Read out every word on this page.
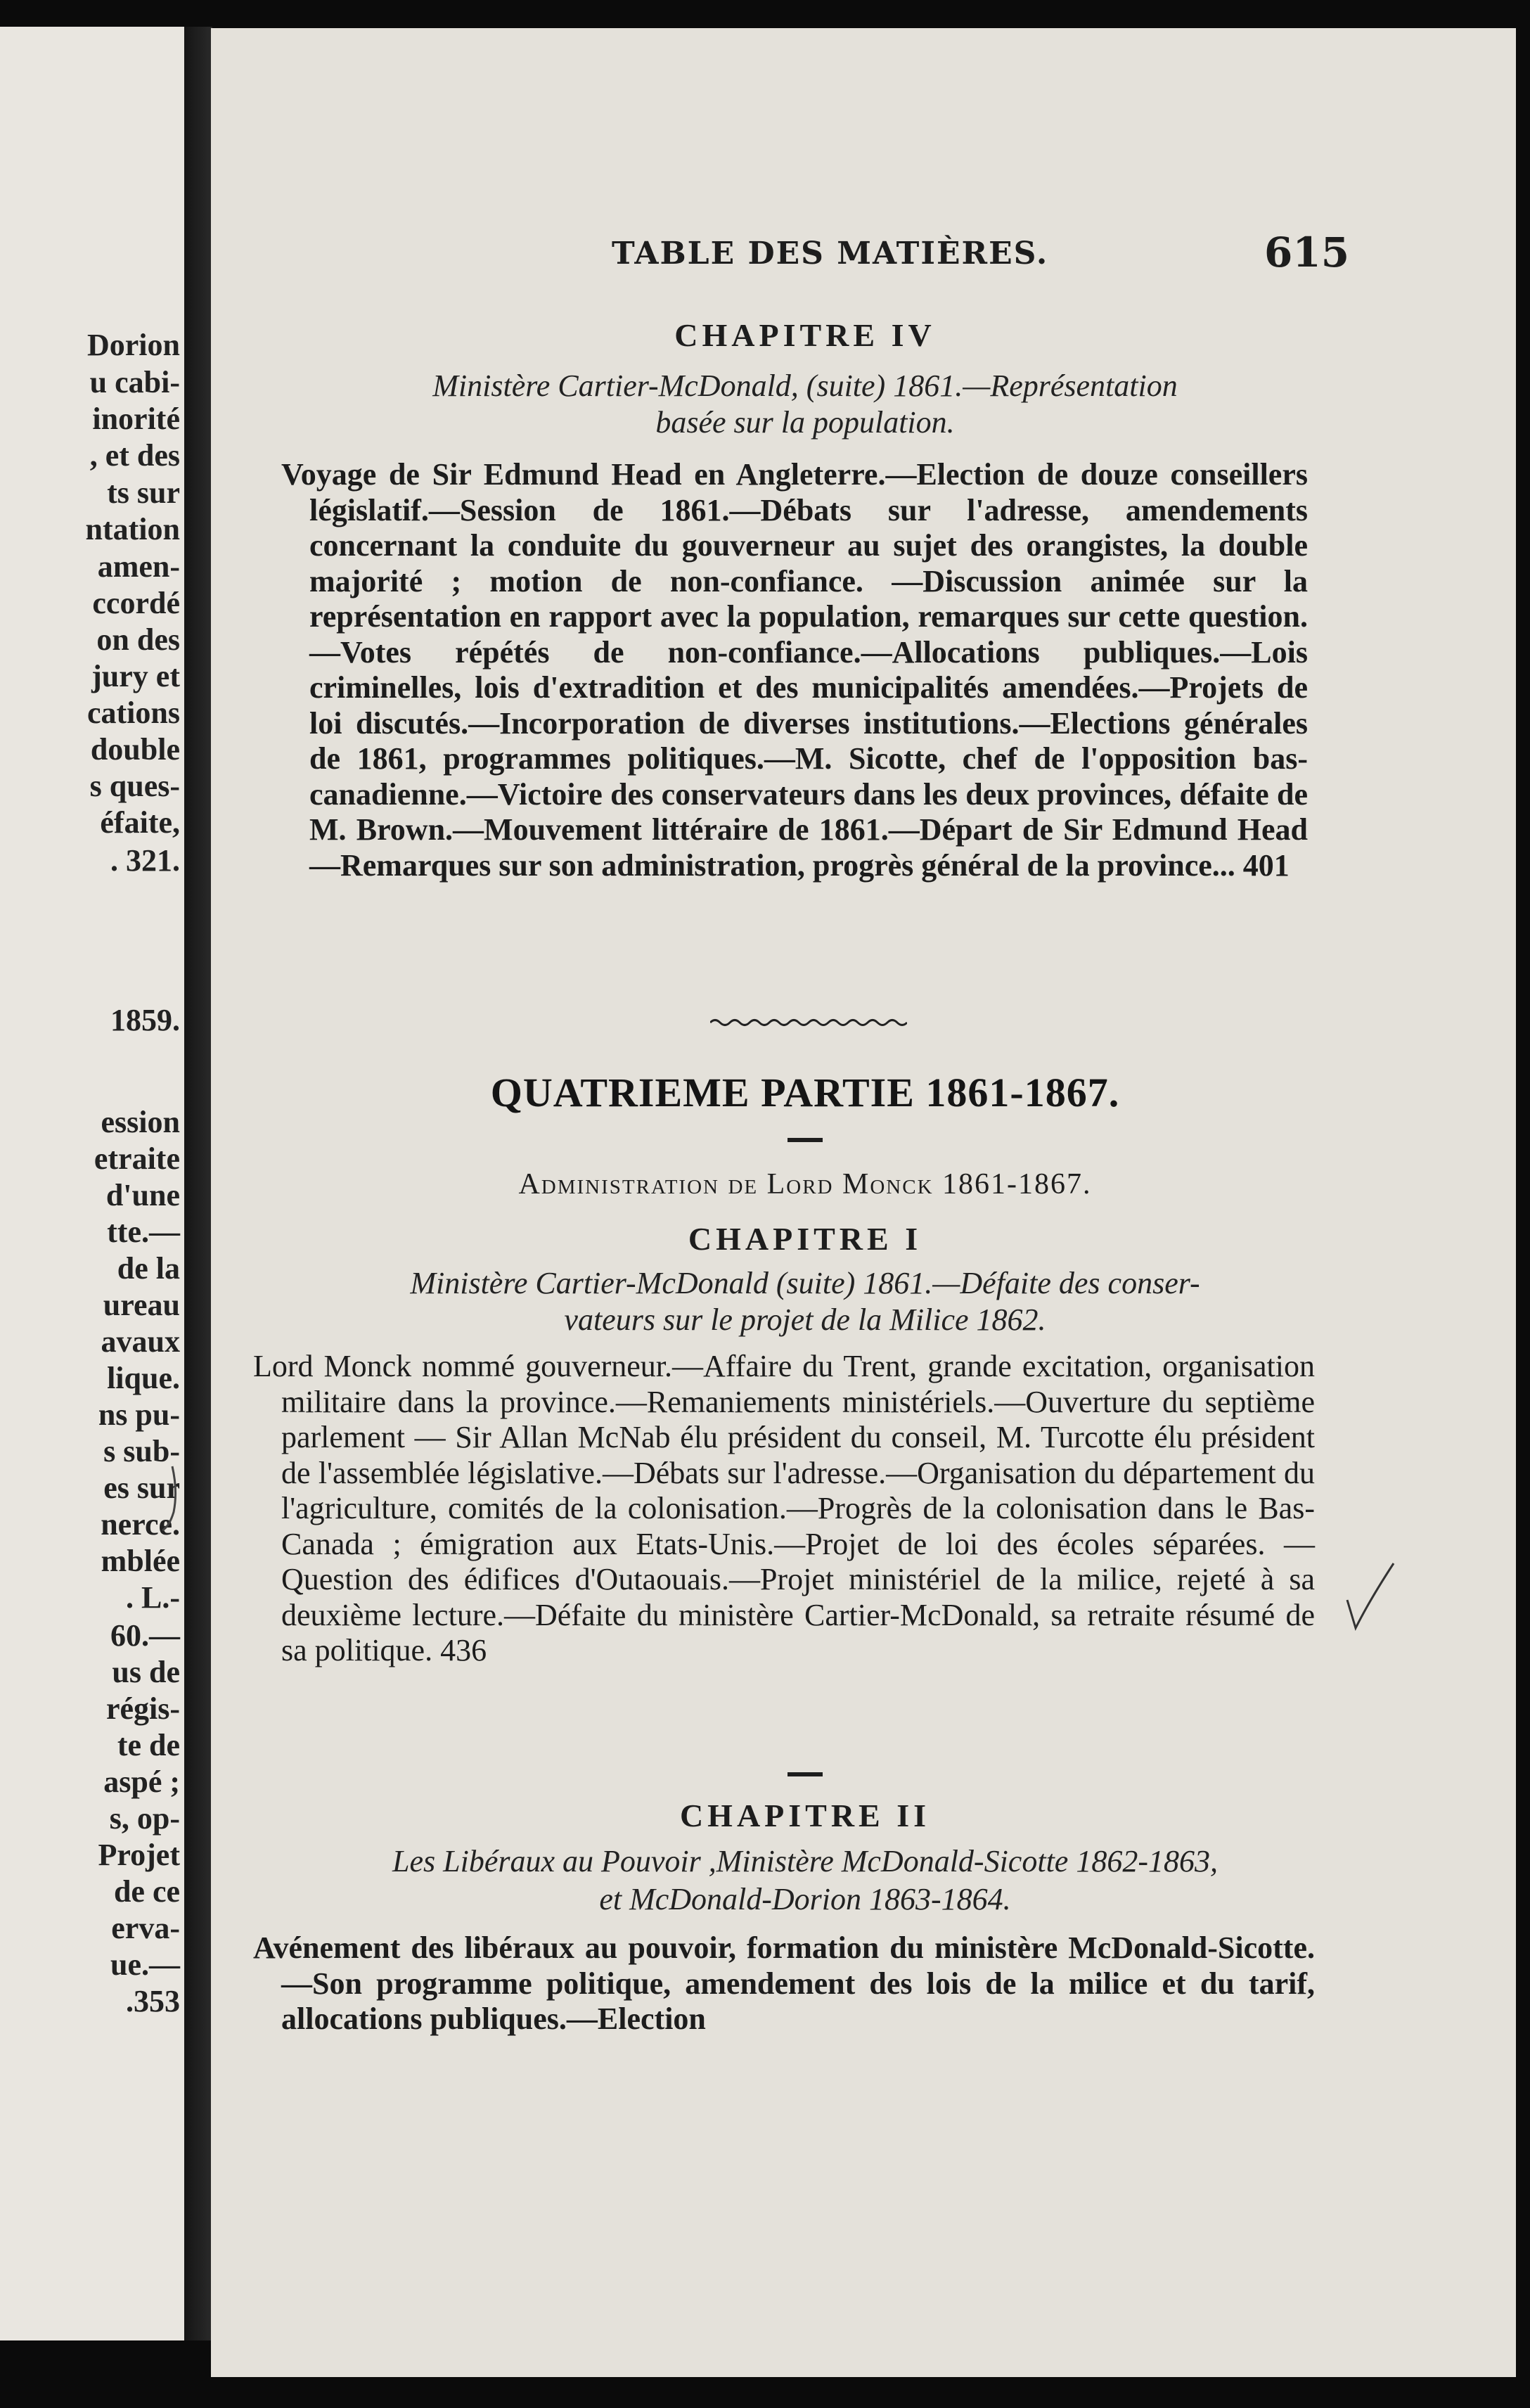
Dorion
u cabi-
inorité
, et des
ts sur
ntation
amen-
ccordé
on des
jury et
cations
double
s ques-
éfaite,
. 321.
1859.
ession
etraite
d'une
tte.—
de la
ureau
avaux
lique.
ns pu-
s sub-
es sur
nerce.
mblée
. L.-
60.—
us de
régis-
te de
aspé ;
s, op-
Projet
de ce
erva-
ue.—
.353
TABLE DES MATIÈRES.	615
CHAPITRE IV
Ministère Cartier-McDonald, (suite) 1861.—Représentation
basée sur la population.
Voyage de Sir Edmund Head en Angleterre.—Election de douze conseillers législatif.—Session de 1861.—Débats sur l'adresse, amendements concernant la conduite du gouverneur au sujet des orangistes, la double majorité ; motion de non-confiance. —Discussion animée sur la représentation en rapport avec la population, remarques sur cette question.—Votes répétés de non-confiance.—Allocations publiques.—Lois criminelles, lois d'extradition et des municipalités amendées.—Projets de loi discutés.—Incorporation de diverses institutions.—Elections générales de 1861, programmes politiques.—M. Sicotte, chef de l'opposition bas-canadienne.—Victoire des conservateurs dans les deux provinces, défaite de M. Brown.—Mouvement littéraire de 1861.—Départ de Sir Edmund Head —Remarques sur son administration, progrès général de la province... 401
QUATRIEME PARTIE 1861-1867.
Administration de Lord Monck 1861-1867.
CHAPITRE I
Ministère Cartier-McDonald (suite) 1861.—Défaite des conser-
vateurs sur le projet de la Milice 1862.
Lord Monck nommé gouverneur.—Affaire du Trent, grande excitation, organisation militaire dans la province.—Remaniements ministériels.—Ouverture du septième parlement — Sir Allan McNab élu président du conseil, M. Turcotte élu président de l'assemblée législative.—Débats sur l'adresse.—Organisation du département du l'agriculture, comités de la colonisation.—Progrès de la colonisation dans le Bas-Canada ; émigration aux Etats-Unis.—Projet de loi des écoles séparées. —Question des édifices d'Outaouais.—Projet ministériel de la milice, rejeté à sa deuxième lecture.—Défaite du ministère Cartier-McDonald, sa retraite résumé de sa politique. 436
CHAPITRE II
Les Libéraux au Pouvoir ,Ministère McDonald-Sicotte 1862-1863,
et McDonald-Dorion 1863-1864.
Avénement des libéraux au pouvoir, formation du ministère McDonald-Sicotte.—Son programme politique, amendement des lois de la milice et du tarif, allocations publiques.—Election
